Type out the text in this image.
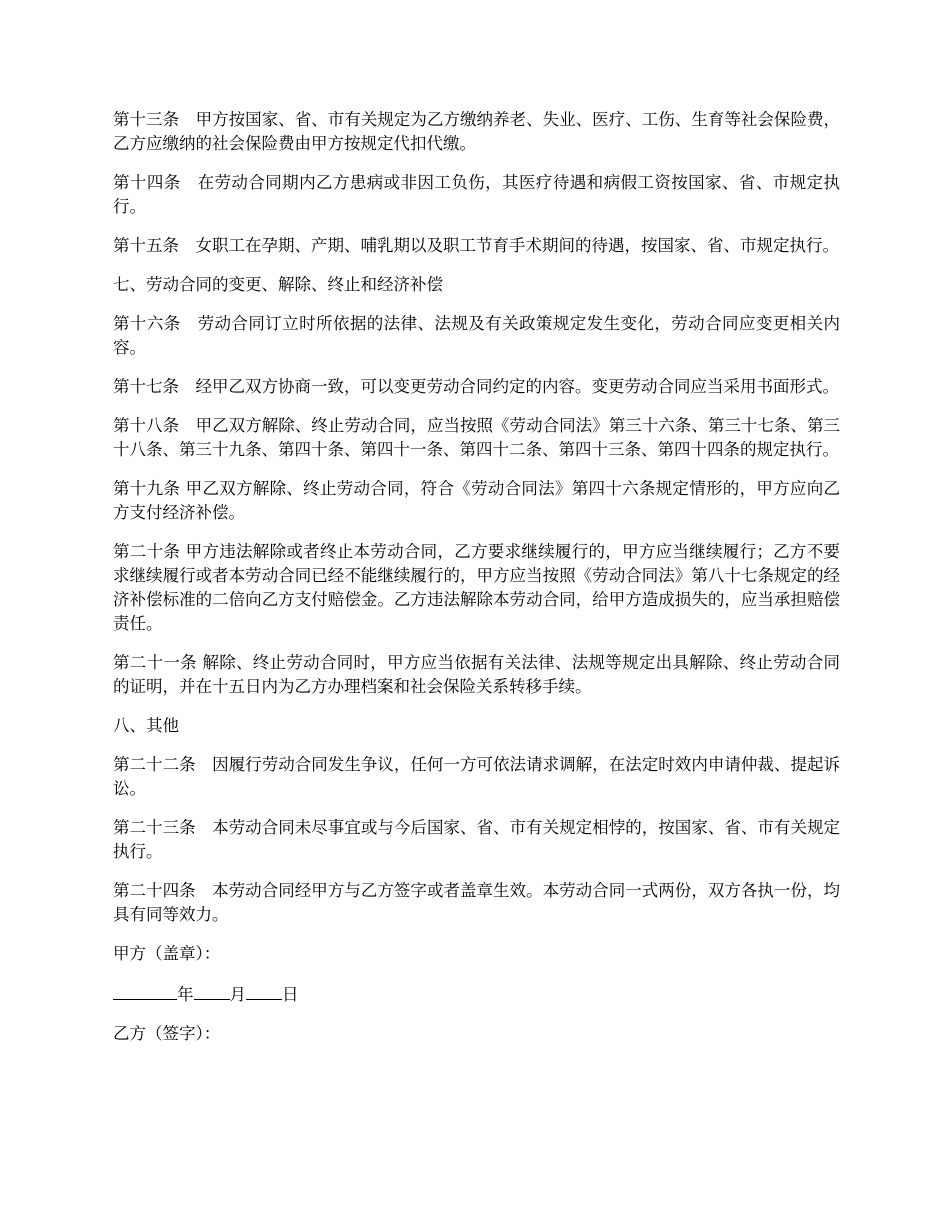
第十三条　甲方按国家、省、市有关规定为乙方缴纳养老、失业、医疗、工伤、生育等社会保险费，乙方应缴纳的社会保险费由甲方按规定代扣代缴。

第十四条　在劳动合同期内乙方患病或非因工负伤，其医疗待遇和病假工资按国家、省、市规定执行。

第十五条　女职工在孕期、产期、哺乳期以及职工节育手术期间的待遇，按国家、省、市规定执行。

七、劳动合同的变更、解除、终止和经济补偿

第十六条　劳动合同订立时所依据的法律、法规及有关政策规定发生变化，劳动合同应变更相关内容。

第十七条　经甲乙双方协商一致，可以变更劳动合同约定的内容。变更劳动合同应当采用书面形式。

第十八条　甲乙双方解除、终止劳动合同，应当按照《劳动合同法》第三十六条、第三十七条、第三十八条、第三十九条、第四十条、第四十一条、第四十二条、第四十三条、第四十四条的规定执行。

第十九条 甲乙双方解除、终止劳动合同，符合《劳动合同法》第四十六条规定情形的，甲方应向乙方支付经济补偿。

第二十条 甲方违法解除或者终止本劳动合同，乙方要求继续履行的，甲方应当继续履行；乙方不要求继续履行或者本劳动合同已经不能继续履行的，甲方应当按照《劳动合同法》第八十七条规定的经济补偿标准的二倍向乙方支付赔偿金。乙方违法解除本劳动合同，给甲方造成损失的，应当承担赔偿责任。

第二十一条 解除、终止劳动合同时，甲方应当依据有关法律、法规等规定出具解除、终止劳动合同的证明，并在十五日内为乙方办理档案和社会保险关系转移手续。

八、其他

第二十二条　因履行劳动合同发生争议，任何一方可依法请求调解，在法定时效内申请仲裁、提起诉讼。

第二十三条　本劳动合同未尽事宜或与今后国家、省、市有关规定相悖的，按国家、省、市有关规定执行。

第二十四条　本劳动合同经甲方与乙方签字或者盖章生效。本劳动合同一式两份，双方各执一份，均具有同等效力。

甲方（盖章）：

年 月 日

乙方（签字）：
